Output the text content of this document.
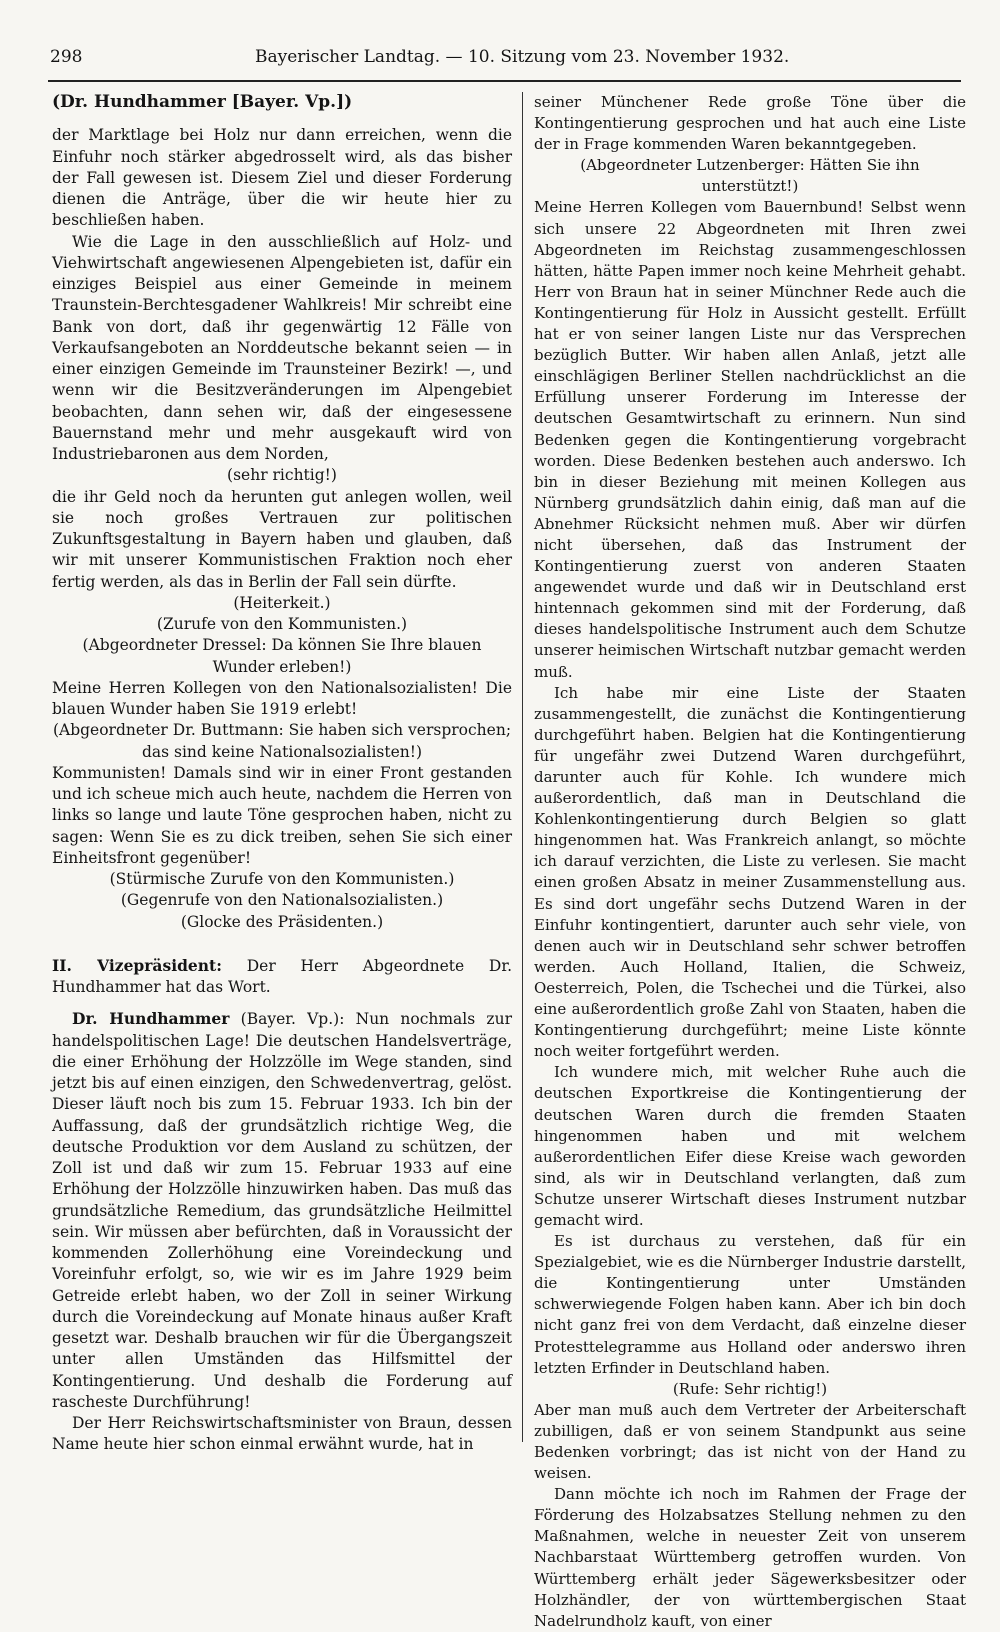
298	Bayerischer Landtag. — 10. Sitzung vom 23. November 1932.

(Dr. Hundhammer [Bayer. Vp.])

der Marktlage bei Holz nur dann erreichen, wenn die Einfuhr noch stärker abgedrosselt wird, als das bisher der Fall gewesen ist. Diesem Ziel und dieser Forderung dienen die Anträge, über die wir heute hier zu beschließen haben.

Wie die Lage in den ausschließlich auf Holz- und Viehwirtschaft angewiesenen Alpengebieten ist, dafür ein einziges Beispiel aus einer Gemeinde in meinem Traunstein-Berchtesgadener Wahlkreis! Mir schreibt eine Bank von dort, daß ihr gegenwärtig 12 Fälle von Verkaufsangeboten an Norddeutsche bekannt seien — in einer einzigen Gemeinde im Traunsteiner Bezirk! —, und wenn wir die Besitzveränderungen im Alpengebiet beobachten, dann sehen wir, daß der eingesessene Bauernstand mehr und mehr ausgekauft wird von Industriebaronen aus dem Norden,

(sehr richtig!)

die ihr Geld noch da herunten gut anlegen wollen, weil sie noch großes Vertrauen zur politischen Zukunftsgestaltung in Bayern haben und glauben, daß wir mit unserer Kommunistischen Fraktion noch eher fertig werden, als das in Berlin der Fall sein dürfte.

(Heiterkeit.)

(Zurufe von den Kommunisten.)

(Abgeordneter Dressel: Da können Sie Ihre blauen Wunder erleben!)

Meine Herren Kollegen von den Nationalsozialisten! Die blauen Wunder haben Sie 1919 erlebt!

(Abgeordneter Dr. Buttmann: Sie haben sich versprochen; das sind keine Nationalsozialisten!)

Kommunisten! Damals sind wir in einer Front gestanden und ich scheue mich auch heute, nachdem die Herren von links so lange und laute Töne gesprochen haben, nicht zu sagen: Wenn Sie es zu dick treiben, sehen Sie sich einer Einheitsfront gegenüber!

(Stürmische Zurufe von den Kommunisten.)

(Gegenrufe von den Nationalsozialisten.)

(Glocke des Präsidenten.)

II. Vizepräsident: Der Herr Abgeordnete Dr. Hundhammer hat das Wort.

Dr. Hundhammer (Bayer. Vp.): Nun nochmals zur handelspolitischen Lage! Die deutschen Handelsverträge, die einer Erhöhung der Holzzölle im Wege standen, sind jetzt bis auf einen einzigen, den Schwedenvertrag, gelöst. Dieser läuft noch bis zum 15. Februar 1933. Ich bin der Auffassung, daß der grundsätzlich richtige Weg, die deutsche Produktion vor dem Ausland zu schützen, der Zoll ist und daß wir zum 15. Februar 1933 auf eine Erhöhung der Holzzölle hinzuwirken haben. Das muß das grundsätzliche Remedium, das grundsätzliche Heilmittel sein. Wir müssen aber befürchten, daß in Voraussicht der kommenden Zollerhöhung eine Voreindeckung und Voreinfuhr erfolgt, so, wie wir es im Jahre 1929 beim Getreide erlebt haben, wo der Zoll in seiner Wirkung durch die Voreindeckung auf Monate hinaus außer Kraft gesetzt war. Deshalb brauchen wir für die Übergangszeit unter allen Umständen das Hilfsmittel der Kontingentierung. Und deshalb die Forderung auf rascheste Durchführung!

Der Herr Reichswirtschaftsminister von Braun, dessen Name heute hier schon einmal erwähnt wurde, hat in

seiner Münchener Rede große Töne über die Kontingentierung gesprochen und hat auch eine Liste der in Frage kommenden Waren bekanntgegeben.

(Abgeordneter Lutzenberger: Hätten Sie ihn unterstützt!)

Meine Herren Kollegen vom Bauernbund! Selbst wenn sich unsere 22 Abgeordneten mit Ihren zwei Abgeordneten im Reichstag zusammengeschlossen hätten, hätte Papen immer noch keine Mehrheit gehabt. Herr von Braun hat in seiner Münchner Rede auch die Kontingentierung für Holz in Aussicht gestellt. Erfüllt hat er von seiner langen Liste nur das Versprechen bezüglich Butter. Wir haben allen Anlaß, jetzt alle einschlägigen Berliner Stellen nachdrücklichst an die Erfüllung unserer Forderung im Interesse der deutschen Gesamtwirtschaft zu erinnern. Nun sind Bedenken gegen die Kontingentierung vorgebracht worden. Diese Bedenken bestehen auch anderswo. Ich bin in dieser Beziehung mit meinen Kollegen aus Nürnberg grundsätzlich dahin einig, daß man auf die Abnehmer Rücksicht nehmen muß. Aber wir dürfen nicht übersehen, daß das Instrument der Kontingentierung zuerst von anderen Staaten angewendet wurde und daß wir in Deutschland erst hintennach gekommen sind mit der Forderung, daß dieses handelspolitische Instrument auch dem Schutze unserer heimischen Wirtschaft nutzbar gemacht werden muß.

Ich habe mir eine Liste der Staaten zusammengestellt, die zunächst die Kontingentierung durchgeführt haben. Belgien hat die Kontingentierung für ungefähr zwei Dutzend Waren durchgeführt, darunter auch für Kohle. Ich wundere mich außerordentlich, daß man in Deutschland die Kohlenkontingentierung durch Belgien so glatt hingenommen hat. Was Frankreich anlangt, so möchte ich darauf verzichten, die Liste zu verlesen. Sie macht einen großen Absatz in meiner Zusammenstellung aus. Es sind dort ungefähr sechs Dutzend Waren in der Einfuhr kontingentiert, darunter auch sehr viele, von denen auch wir in Deutschland sehr schwer betroffen werden. Auch Holland, Italien, die Schweiz, Oesterreich, Polen, die Tschechei und die Türkei, also eine außerordentlich große Zahl von Staaten, haben die Kontingentierung durchgeführt; meine Liste könnte noch weiter fortgeführt werden.

Ich wundere mich, mit welcher Ruhe auch die deutschen Exportkreise die Kontingentierung der deutschen Waren durch die fremden Staaten hingenommen haben und mit welchem außerordentlichen Eifer diese Kreise wach geworden sind, als wir in Deutschland verlangten, daß zum Schutze unserer Wirtschaft dieses Instrument nutzbar gemacht wird.

Es ist durchaus zu verstehen, daß für ein Spezialgebiet, wie es die Nürnberger Industrie darstellt, die Kontingentierung unter Umständen schwerwiegende Folgen haben kann. Aber ich bin doch nicht ganz frei von dem Verdacht, daß einzelne dieser Protesttelegramme aus Holland oder anderswo ihren letzten Erfinder in Deutschland haben.

(Rufe: Sehr richtig!)

Aber man muß auch dem Vertreter der Arbeiterschaft zubilligen, daß er von seinem Standpunkt aus seine Bedenken vorbringt; das ist nicht von der Hand zu weisen.

Dann möchte ich noch im Rahmen der Frage der Förderung des Holzabsatzes Stellung nehmen zu den Maßnahmen, welche in neuester Zeit von unserem Nachbarstaat Württemberg getroffen wurden. Von Württemberg erhält jeder Sägewerksbesitzer oder Holzhändler, der von württembergischen Staat Nadelrundholz kauft, von einer
